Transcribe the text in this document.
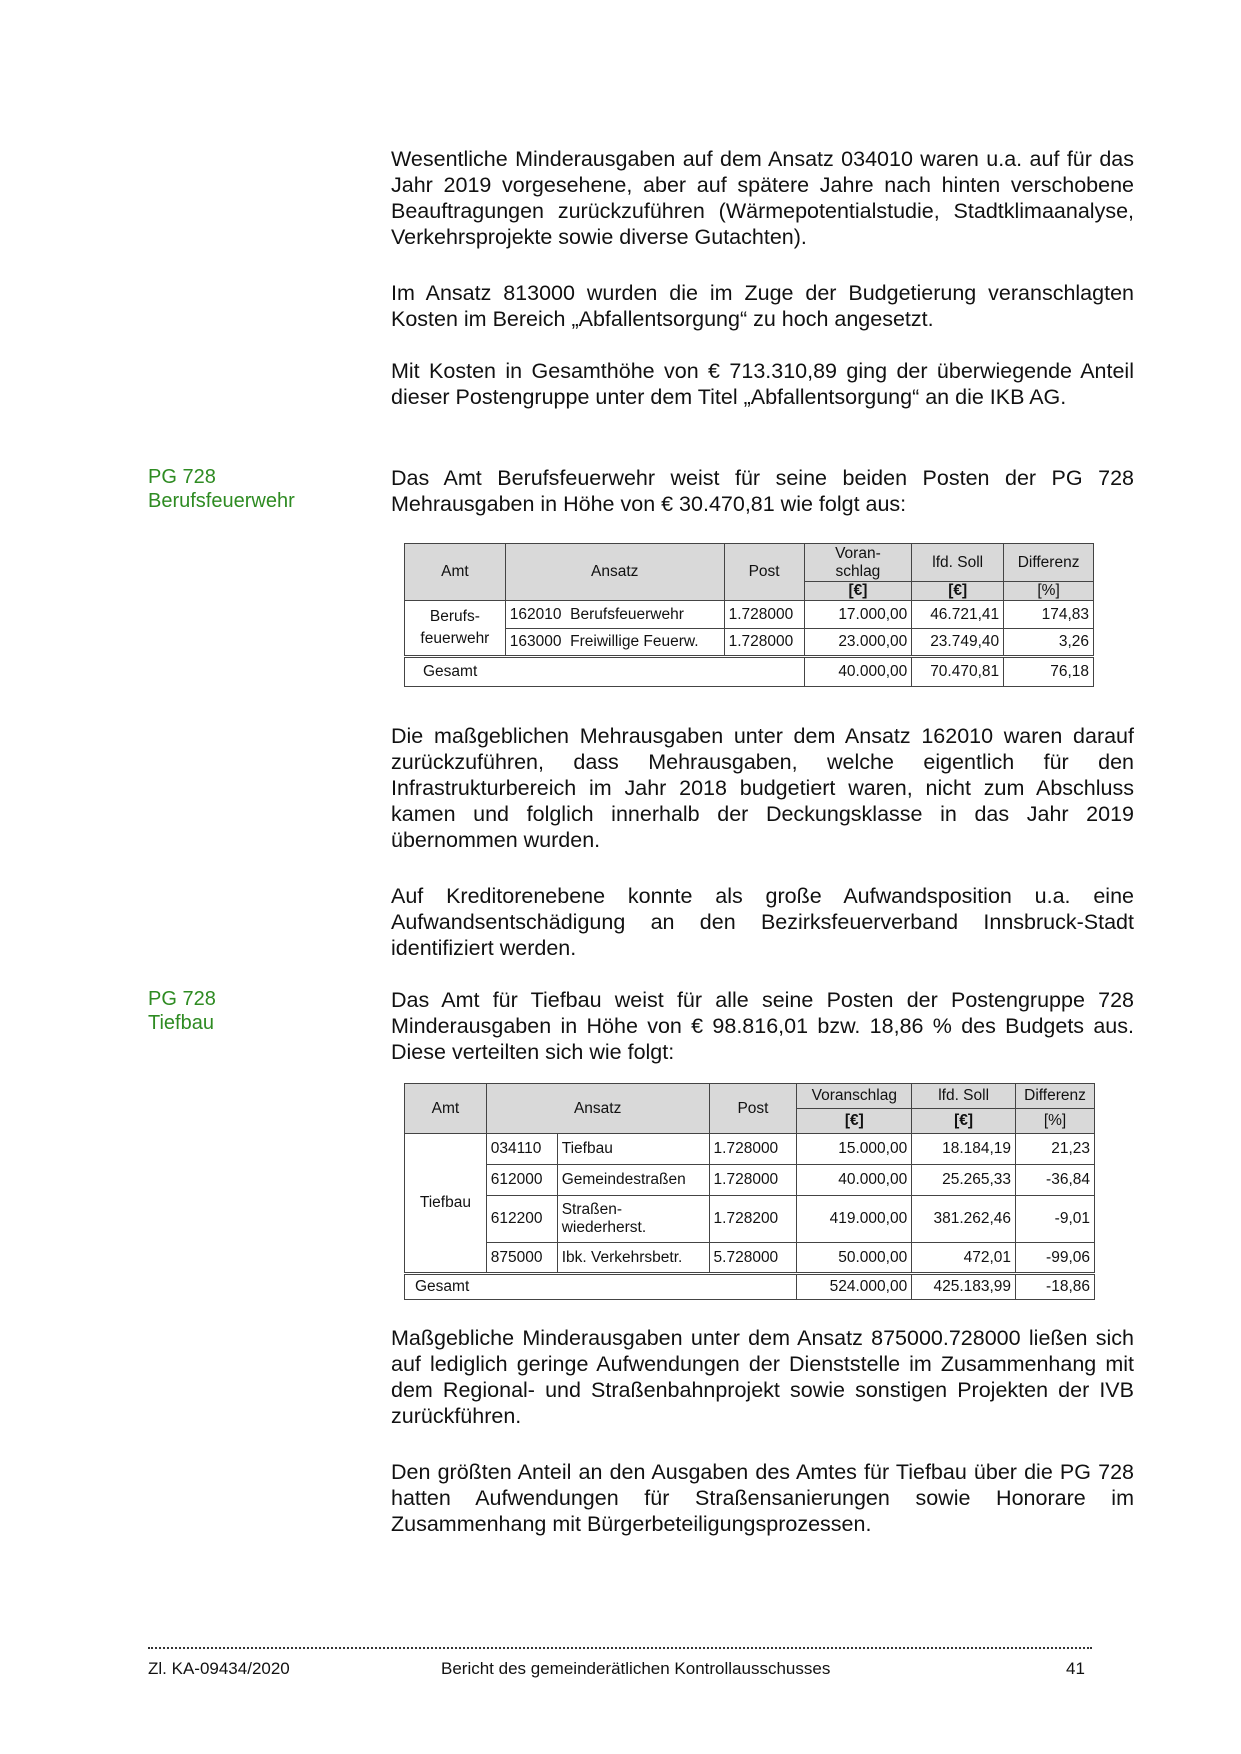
Wesentliche Minderausgaben auf dem Ansatz 034010 waren u.a. auf für das Jahr 2019 vorgesehene, aber auf spätere Jahre nach hinten verschobene Beauftragungen zurückzuführen (Wärmepotentialstudie, Stadtklimaanalyse, Verkehrsprojekte sowie diverse Gutachten).

Im Ansatz 813000 wurden die im Zuge der Budgetierung veranschlagten Kosten im Bereich „Abfallentsorgung“ zu hoch angesetzt.

Mit Kosten in Gesamthöhe von € 713.310,89 ging der überwiegende Anteil dieser Postengruppe unter dem Titel „Abfallentsorgung“ an die IKB AG.

PG 728
Berufsfeuerwehr

Das Amt Berufsfeuerwehr weist für seine beiden Posten der PG 728 Mehrausgaben in Höhe von € 30.470,81 wie folgt aus:

Amt	Ansatz	Post	Voran-
schlag	lfd. Soll	Differenz
			[€]	[€]	[%]

Berufs-
feuerwehr	162010 Berufsfeuerwehr	1.728000	17.000,00	46.721,41	174,83
	163000 Freiwillige Feuerw.	1.728000	23.000,00	23.749,40	3,26
Gesamt			40.000,00	70.470,81	76,18

Die maßgeblichen Mehrausgaben unter dem Ansatz 162010 waren darauf zurückzuführen, dass Mehrausgaben, welche eigentlich für den Infrastrukturbereich im Jahr 2018 budgetiert waren, nicht zum Abschluss kamen und folglich innerhalb der Deckungsklasse in das Jahr 2019 übernommen wurden.

Auf Kreditorenebene konnte als große Aufwandsposition u.a. eine Aufwandsentschädigung an den Bezirksfeuerverband Innsbruck-Stadt identifiziert werden.

PG 728
Tiefbau

Das Amt für Tiefbau weist für alle seine Posten der Postengruppe 728 Minderausgaben in Höhe von € 98.816,01 bzw. 18,86 % des Budgets aus. Diese verteilten sich wie folgt:

Amt	Ansatz		Post	Voranschlag	lfd. Soll	Differenz
				[€]	[€]	[%]
Tiefbau	034110	Tiefbau	1.728000	15.000,00	18.184,19	21,23
	612000	Gemeindestraßen	1.728000	40.000,00	25.265,33	-36,84
	612200	Straßen-
wiederherst.	1.728200	419.000,00	381.262,46	-9,01
	875000	Ibk. Verkehrsbetr.	5.728000	50.000,00	472,01	-99,06
Gesamt				524.000,00	425.183,99	-18,86

Maßgebliche Minderausgaben unter dem Ansatz 875000.728000 ließen sich auf lediglich geringe Aufwendungen der Dienststelle im Zusammenhang mit dem Regional- und Straßenbahnprojekt sowie sonstigen Projekten der IVB zurückführen.

Den größten Anteil an den Ausgaben des Amtes für Tiefbau über die PG 728 hatten Aufwendungen für Straßensanierungen sowie Honorare im Zusammenhang mit Bürgerbeteiligungsprozessen.

Zl. KA-09434/2020	Bericht des gemeinderätlichen Kontrollausschusses	41
